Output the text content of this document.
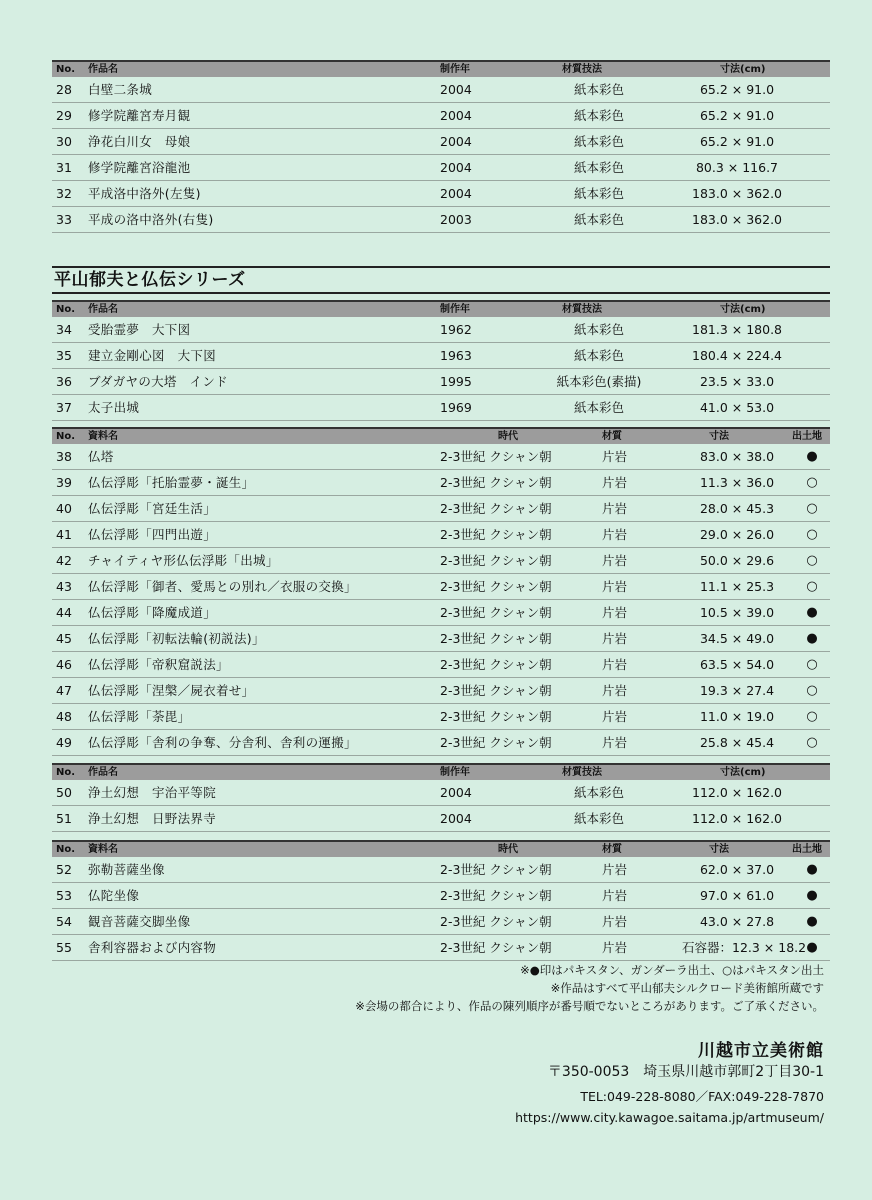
No. 作品名	制作年	材質技法	寸法(cm)
28 白壁二条城	2004	紙本彩色	65.2 × 91.0
29 修学院離宮寿月観	2004	紙本彩色	65.2 × 91.0
30 浄花白川女　母娘	2004	紙本彩色	65.2 × 91.0
31 修学院離宮浴龍池	2004	紙本彩色	80.3 × 116.7
32 平成洛中洛外(左隻)	2004	紙本彩色	183.0 × 362.0
33 平成の洛中洛外(右隻)	2003	紙本彩色	183.0 × 362.0
平山郁夫と仏伝シリーズ
No. 作品名	制作年	材質技法	寸法(cm)
34 受胎霊夢　大下図	1962	紙本彩色	181.3 × 180.8
35 建立金剛心図　大下図	1963	紙本彩色	180.4 × 224.4
36 ブダガヤの大塔　インド	1995	紙本彩色(素描)	23.5 × 33.0
37 太子出城	1969	紙本彩色	41.0 × 53.0
No. 資料名	時代	材質	寸法	出土地
38 仏塔	2-3世紀 クシャン朝	片岩	83.0 × 38.0	●
39 仏伝浮彫「托胎霊夢・誕生」	2-3世紀 クシャン朝	片岩	11.3 × 36.0	○
40 仏伝浮彫「宮廷生活」	2-3世紀 クシャン朝	片岩	28.0 × 45.3	○
41 仏伝浮彫「四門出遊」	2-3世紀 クシャン朝	片岩	29.0 × 26.0	○
42 チャイティヤ形仏伝浮彫「出城」	2-3世紀 クシャン朝	片岩	50.0 × 29.6	○
43 仏伝浮彫「御者、愛馬との別れ／衣服の交換」	2-3世紀 クシャン朝	片岩	11.1 × 25.3	○
44 仏伝浮彫「降魔成道」	2-3世紀 クシャン朝	片岩	10.5 × 39.0	●
45 仏伝浮彫「初転法輪(初説法)」	2-3世紀 クシャン朝	片岩	34.5 × 49.0	●
46 仏伝浮彫「帝釈窟説法」	2-3世紀 クシャン朝	片岩	63.5 × 54.0	○
47 仏伝浮彫「涅槃／屍衣着せ」	2-3世紀 クシャン朝	片岩	19.3 × 27.4	○
48 仏伝浮彫「荼毘」	2-3世紀 クシャン朝	片岩	11.0 × 19.0	○
49 仏伝浮彫「舎利の争奪、分舎利、舎利の運搬」	2-3世紀 クシャン朝	片岩	25.8 × 45.4	○
No. 作品名	制作年	材質技法	寸法(cm)
50 浄土幻想　宇治平等院	2004	紙本彩色	112.0 × 162.0
51 浄土幻想　日野法界寺	2004	紙本彩色	112.0 × 162.0
No. 資料名	時代	材質	寸法	出土地
52 弥勒菩薩坐像	2-3世紀 クシャン朝	片岩	62.0 × 37.0	●
53 仏陀坐像	2-3世紀 クシャン朝	片岩	97.0 × 61.0	●
54 観音菩薩交脚坐像	2-3世紀 クシャン朝	片岩	43.0 × 27.8	●
55 舎利容器および内容物	2-3世紀 クシャン朝	片岩	石容器：12.3 × 18.2 ●
※●印はパキスタン、ガンダーラ出土、○はパキスタン出土
※作品はすべて平山郁夫シルクロード美術館所蔵です
※会場の都合により、作品の陳列順序が番号順でないところがあります。ご了承ください。
川越市立美術館
〒350-0053　埼玉県川越市郭町2丁目30-1
TEL:049-228-8080／FAX:049-228-7870
https://www.city.kawagoe.saitama.jp/artmuseum/
